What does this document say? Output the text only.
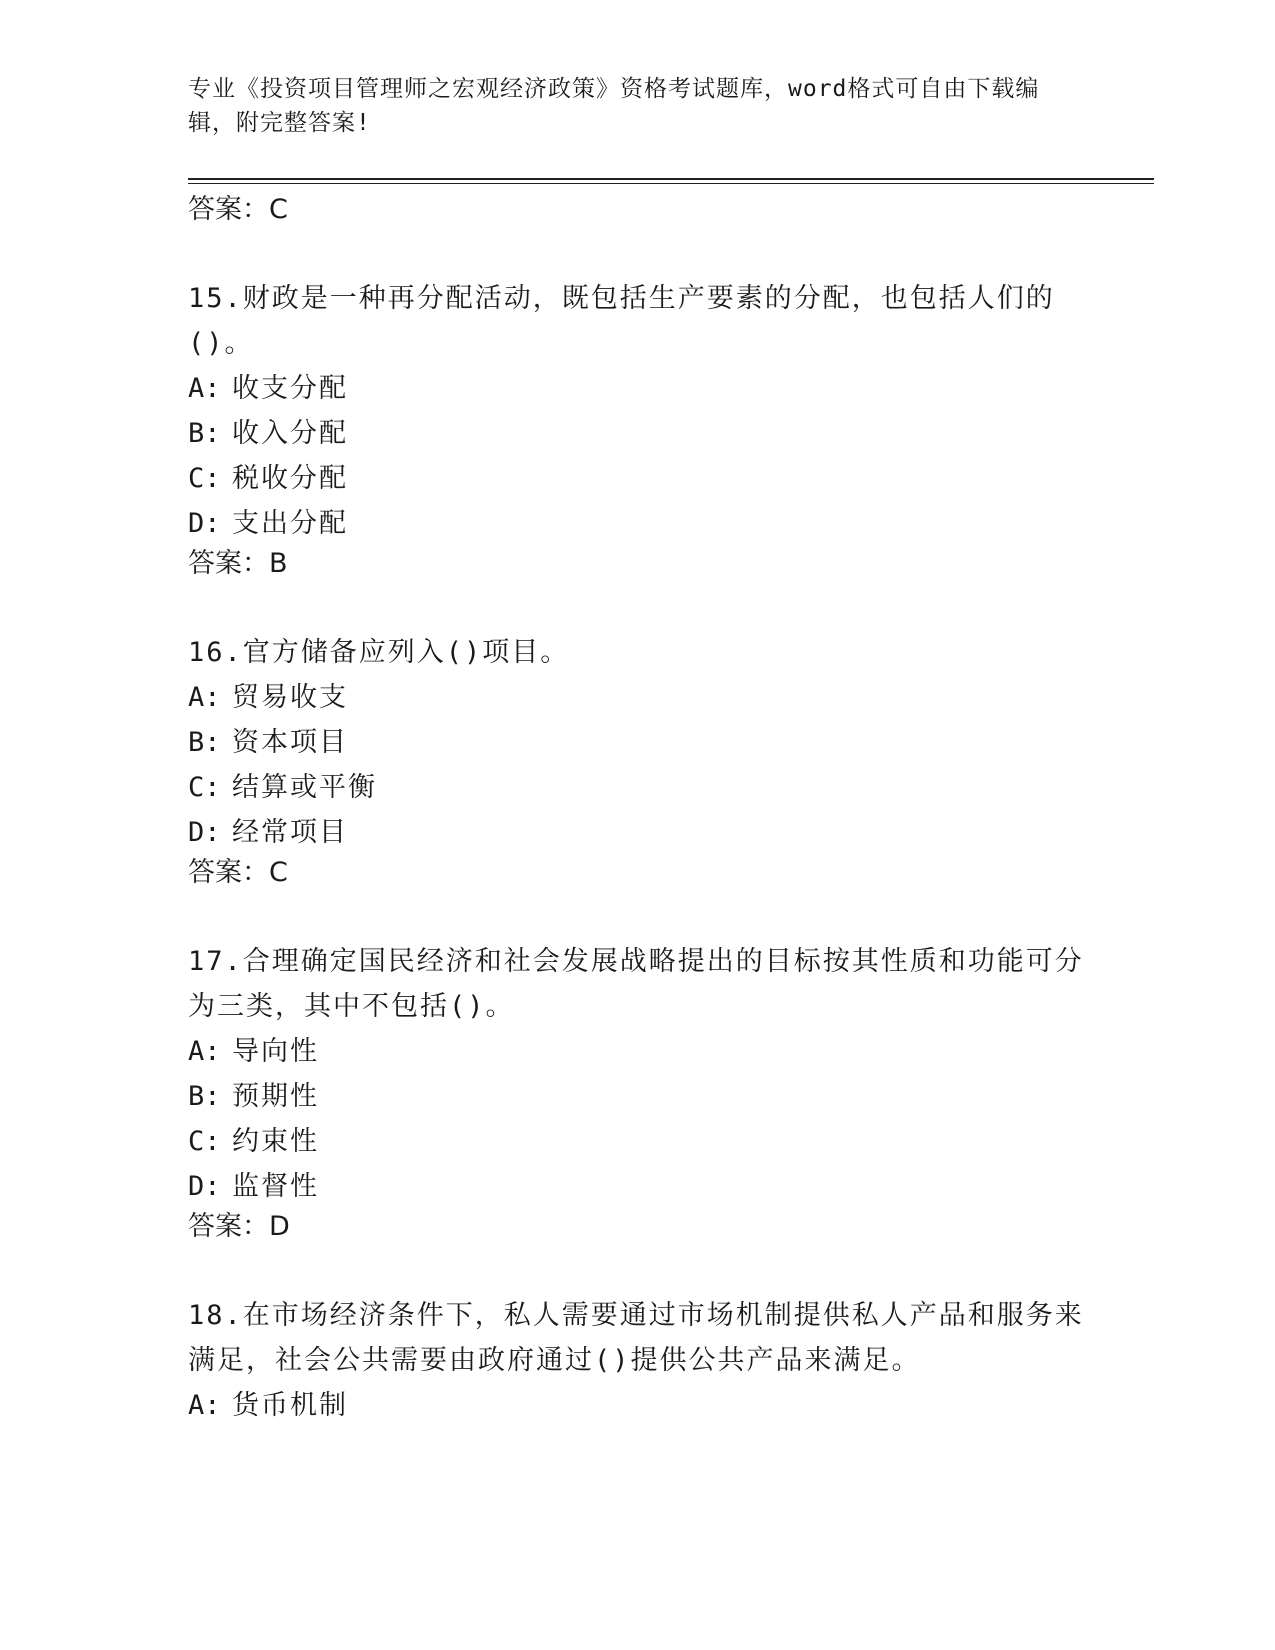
专业《投资项目管理师之宏观经济政策》资格考试题库，word格式可自由下载编辑，附完整答案!

答案：C

15.财政是一种再分配活动，既包括生产要素的分配，也包括人们的()。

A: 收支分配

B: 收入分配

C: 税收分配

D: 支出分配

答案：B

16.官方储备应列入()项目。

A: 贸易收支

B: 资本项目

C: 结算或平衡

D: 经常项目

答案：C

17.合理确定国民经济和社会发展战略提出的目标按其性质和功能可分为三类，其中不包括()。

A: 导向性

B: 预期性

C: 约束性

D: 监督性

答案：D

18.在市场经济条件下，私人需要通过市场机制提供私人产品和服务来满足，社会公共需要由政府通过()提供公共产品来满足。

A: 货币机制
